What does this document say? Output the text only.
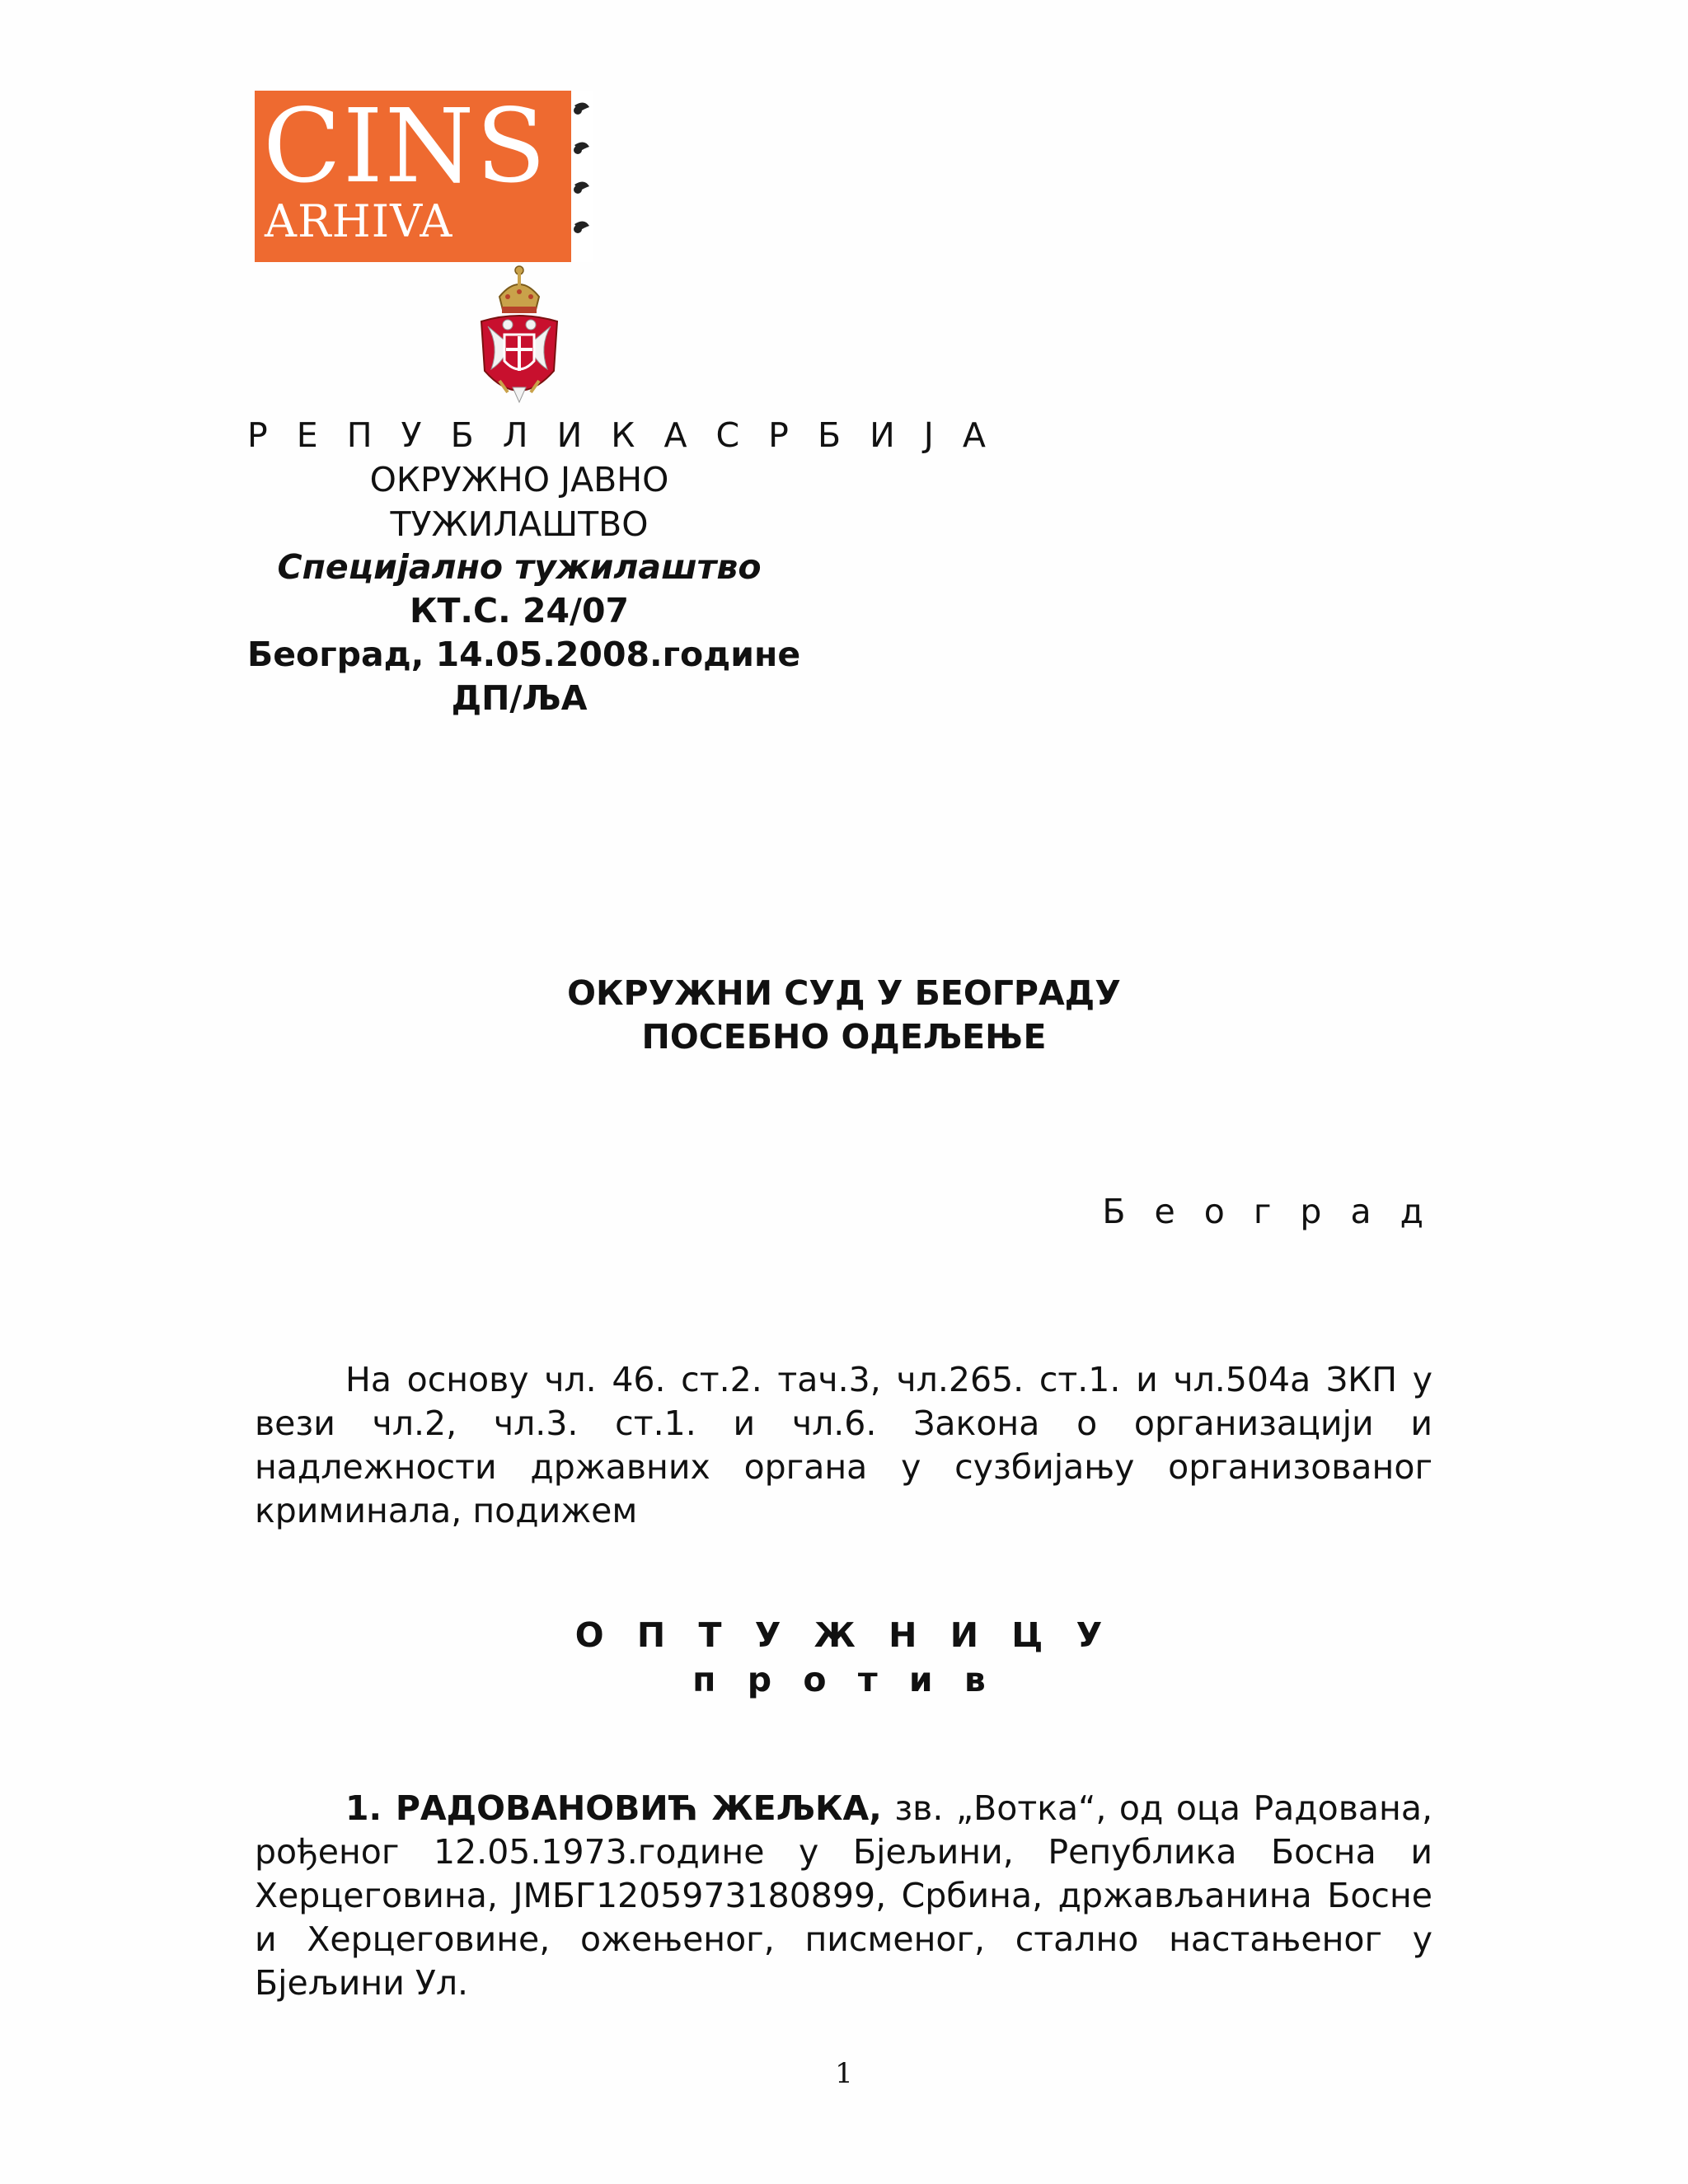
CINS
ARHIVA
Р Е П У Б Л И К А С Р Б И Ј А
ОКРУЖНО ЈАВНО
ТУЖИЛАШТВО
Специјално тужилаштво
КТ.С. 24/07
Београд, 14.05.2008.године
ДП/ЉА
ОКРУЖНИ СУД У БЕОГРАДУ
ПОСЕБНО ОДЕЉЕЊЕ
Б е о г р а д
На основу чл. 46. ст.2. тач.3, чл.265. ст.1. и чл.504а ЗКП у вези чл.2, чл.3. ст.1. и чл.6. Закона о организацији и надлежности државних органа у сузбијању организованог криминала, подижем
О П Т У Ж Н И Ц У
п р о т и в
1. РАДОВАНОВИЋ ЖЕЉКА, зв. „Вотка“, од оца Радована, рођеног 12.05.1973.године у Бјељини, Република Босна и Херцеговина, ЈМБГ1205973180899, Србина, држављанина Босне и Херцеговине, ожењеног, писменог, стално настањеног у Бјељини Ул.
1
